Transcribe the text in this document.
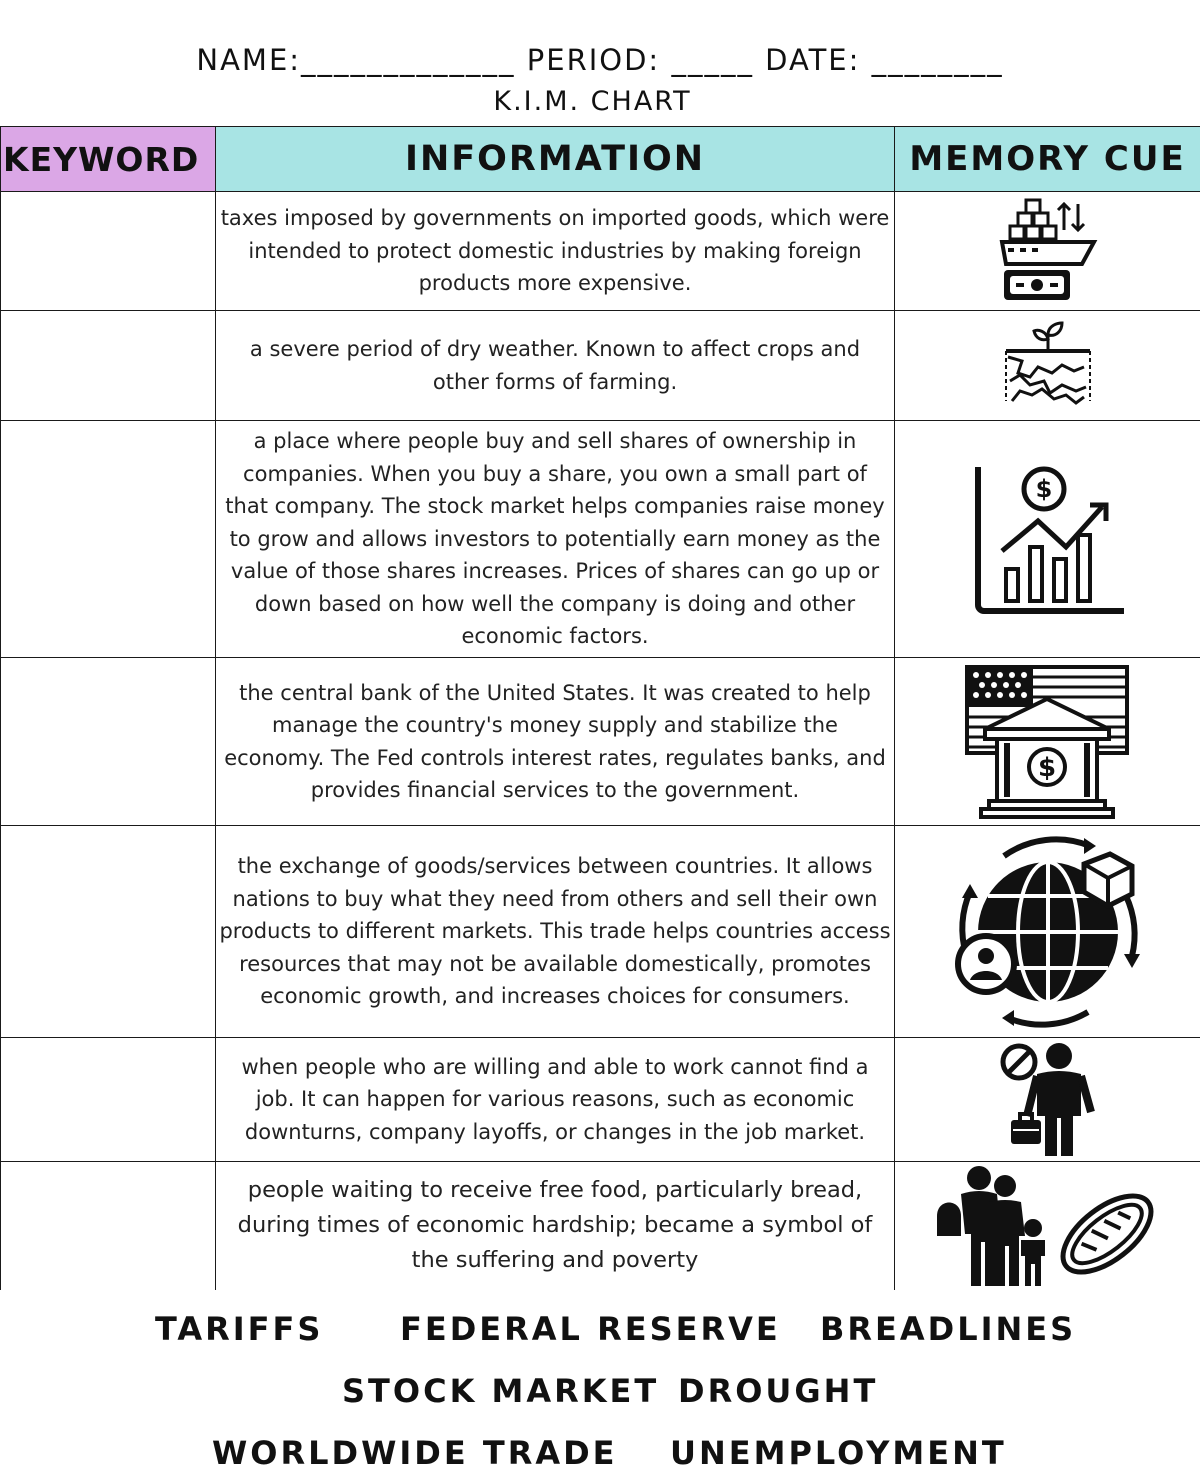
NAME:_____________ PERIOD: _____ DATE: ________
K.I.M. CHART
KEYWORD	INFORMATION	MEMORY CUE
	taxes imposed by governments on imported goods, which were intended to protect domestic industries by making foreign products more expensive.	

	a severe period of dry weather. Known to affect crops and other forms of farming.	

	a place where people buy and sell shares of ownership in companies. When you buy a share, you own a small part of that company. The stock market helps companies raise money to grow and allows investors to potentially earn money as the value of those shares increases. Prices of shares can go up or down based on how well the company is doing and other economic factors.	$

	the central bank of the United States. It was created to help manage the country's money supply and stabilize the economy. The Fed controls interest rates, regulates banks, and provides financial services to the government.	$

	the exchange of goods/services between countries. It allows nations to buy what they need from others and sell their own products to different markets. This trade helps countries access resources that may not be available domestically, promotes economic growth, and increases choices for consumers.	

	when people who are willing and able to work cannot find a job. It can happen for various reasons, such as economic downturns, company layoffs, or changes in the job market.	

	people waiting to receive free food, particularly bread, during times of economic hardship; became a symbol of the suffering and poverty	
TARIFFS FEDERAL RESERVE BREADLINES
STOCK MARKET DROUGHT
WORLDWIDE TRADE UNEMPLOYMENT
